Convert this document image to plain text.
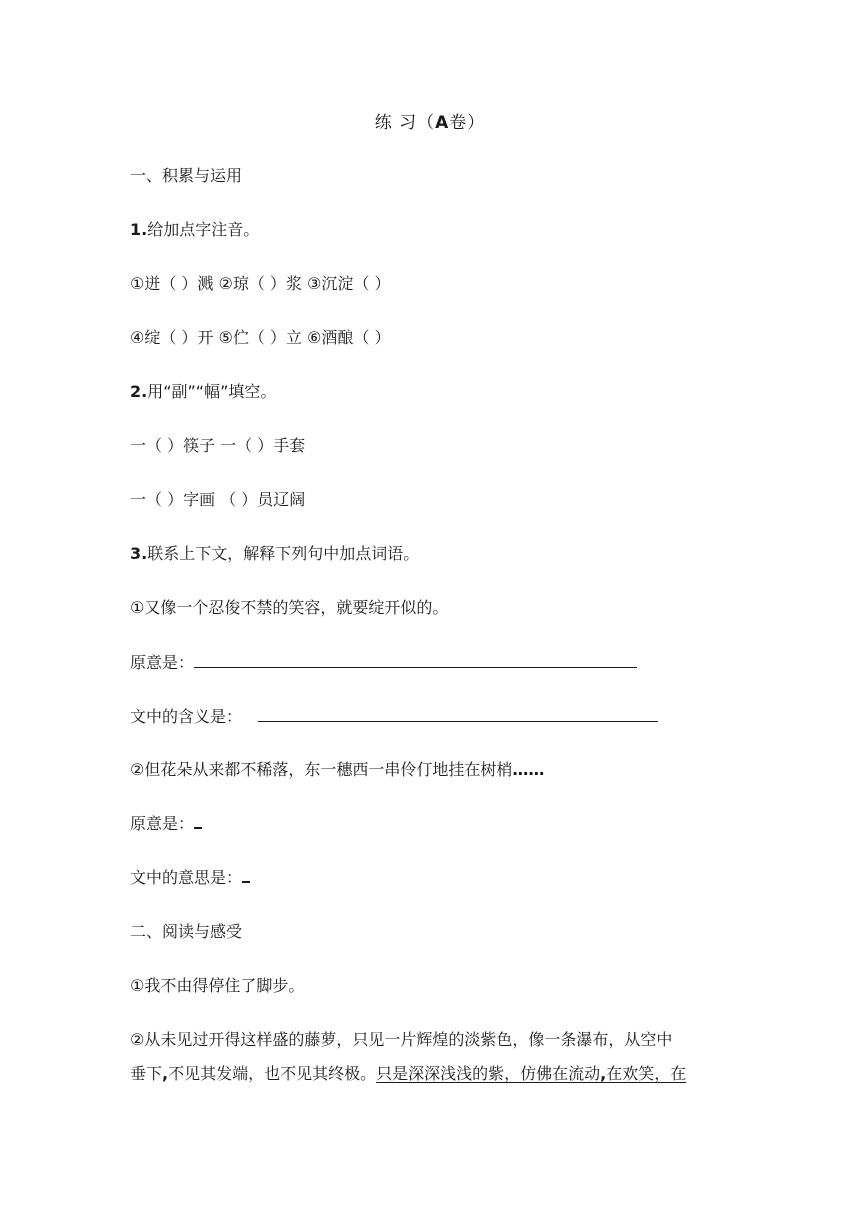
练 习（A卷）
一、积累与运用
1.给加点字注音。
①迸（ ）溅 ②琼（ ）浆 ③沉淀（ ）
④绽（ ）开 ⑤伫（ ）立 ⑥酒酿（ ）
2.用“副”“幅”填空。
一（ ）筷子 一（ ）手套
一（ ）字画 （ ）员辽阔
3.联系上下文，解释下列句中加点词语。
①又像一个忍俊不禁的笑容，就要绽开似的。
原意是：
文中的含义是：
②但花朵从来都不稀落，东一穗西一串伶仃地挂在树梢……
原意是：
文中的意思是：
二、阅读与感受
①我不由得停住了脚步。
②从未见过开得这样盛的藤萝，只见一片辉煌的淡紫色，像一条瀑布，从空中
垂下,不见其发端，也不见其终极。只是深深浅浅的紫，仿佛在流动,在欢笑，在
